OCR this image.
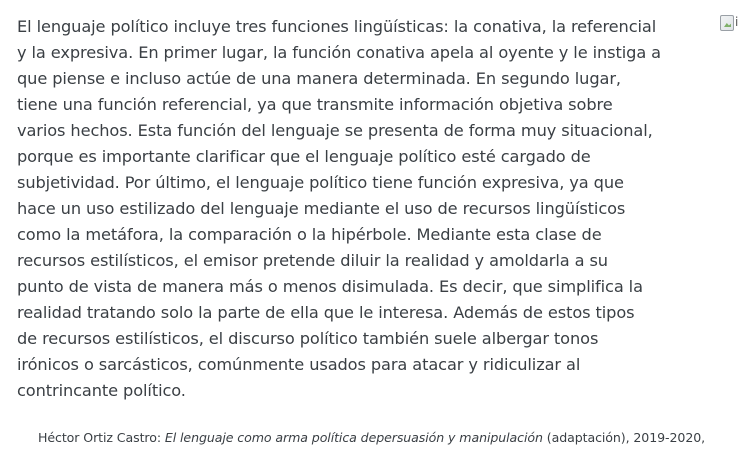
El lenguaje político incluye tres funciones lingüísticas: la conativa, la referencial
y la expresiva. En primer lugar, la función conativa apela al oyente y le instiga a
que piense e incluso actúe de una manera determinada. En segundo lugar,
tiene una función referencial, ya que transmite información objetiva sobre
varios hechos. Esta función del lenguaje se presenta de forma muy situacional,
porque es importante clarificar que el lenguaje político esté cargado de
subjetividad. Por último, el lenguaje político tiene función expresiva, ya que
hace un uso estilizado del lenguaje mediante el uso de recursos lingüísticos
como la metáfora, la comparación o la hipérbole. Mediante esta clase de
recursos estilísticos, el emisor pretende diluir la realidad y amoldarla a su
punto de vista de manera más o menos disimulada. Es decir, que simplifica la
realidad tratando solo la parte de ella que le interesa. Además de estos tipos
de recursos estilísticos, el discurso político también suele albergar tonos
irónicos o sarcásticos, comúnmente usados para atacar y ridiculizar al
contrincante político.

i
Héctor Ortiz Castro: El lenguaje como arma política depersuasión y manipulación (adaptación), 2019-2020,
